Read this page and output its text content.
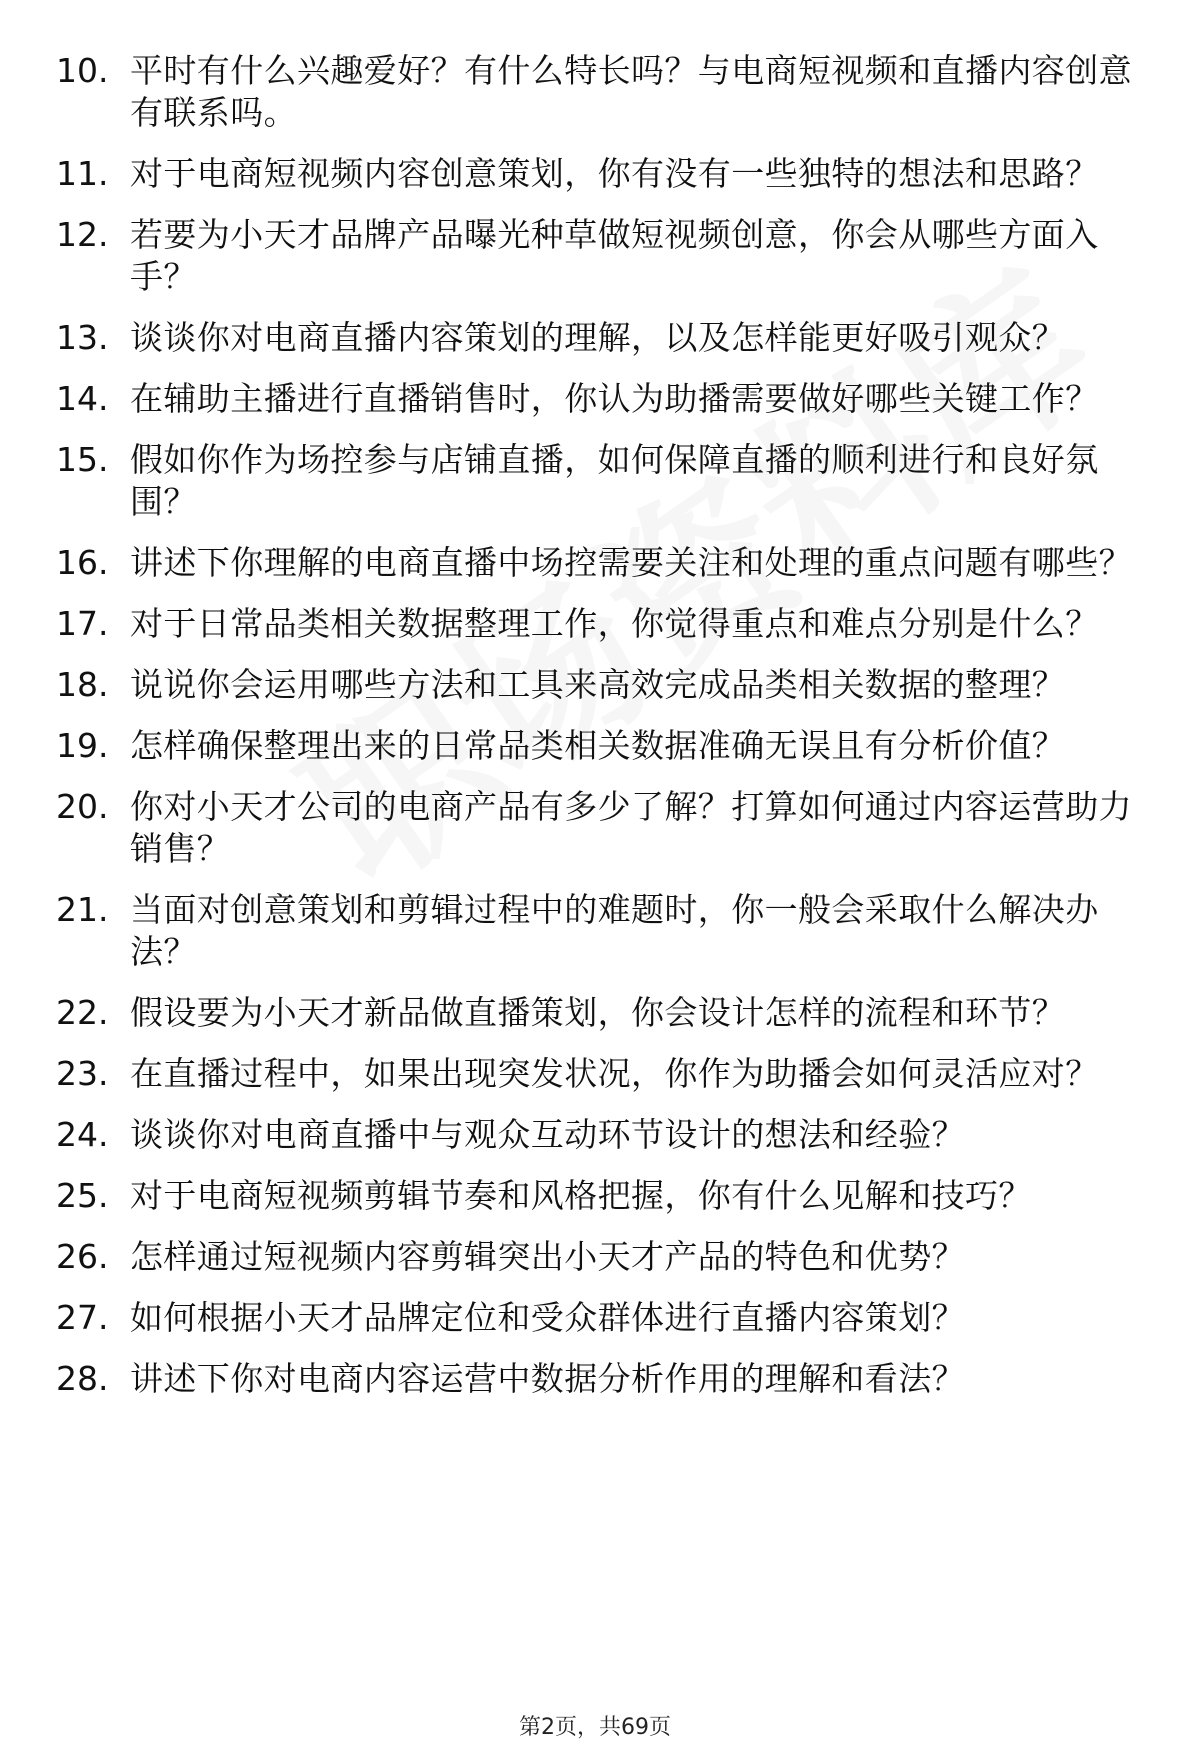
10. 平时有什么兴趣爱好？有什么特长吗？与电商短视频和直播内容创意有联系吗。
11. 对于电商短视频内容创意策划，你有没有一些独特的想法和思路？
12. 若要为小天才品牌产品曝光种草做短视频创意，你会从哪些方面入手？
13. 谈谈你对电商直播内容策划的理解，以及怎样能更好吸引观众？
14. 在辅助主播进行直播销售时，你认为助播需要做好哪些关键工作？
15. 假如你作为场控参与店铺直播，如何保障直播的顺利进行和良好氛围？
16. 讲述下你理解的电商直播中场控需要关注和处理的重点问题有哪些？
17. 对于日常品类相关数据整理工作，你觉得重点和难点分别是什么？
18. 说说你会运用哪些方法和工具来高效完成品类相关数据的整理？
19. 怎样确保整理出来的日常品类相关数据准确无误且有分析价值？
20. 你对小天才公司的电商产品有多少了解？打算如何通过内容运营助力销售？
21. 当面对创意策划和剪辑过程中的难题时，你一般会采取什么解决办法？
22. 假设要为小天才新品做直播策划，你会设计怎样的流程和环节？
23. 在直播过程中，如果出现突发状况，你作为助播会如何灵活应对？
24. 谈谈你对电商直播中与观众互动环节设计的想法和经验？
25. 对于电商短视频剪辑节奏和风格把握，你有什么见解和技巧？
26. 怎样通过短视频内容剪辑突出小天才产品的特色和优势？
27. 如何根据小天才品牌定位和受众群体进行直播内容策划？
28. 讲述下你对电商内容运营中数据分析作用的理解和看法？
第2页，共69页
